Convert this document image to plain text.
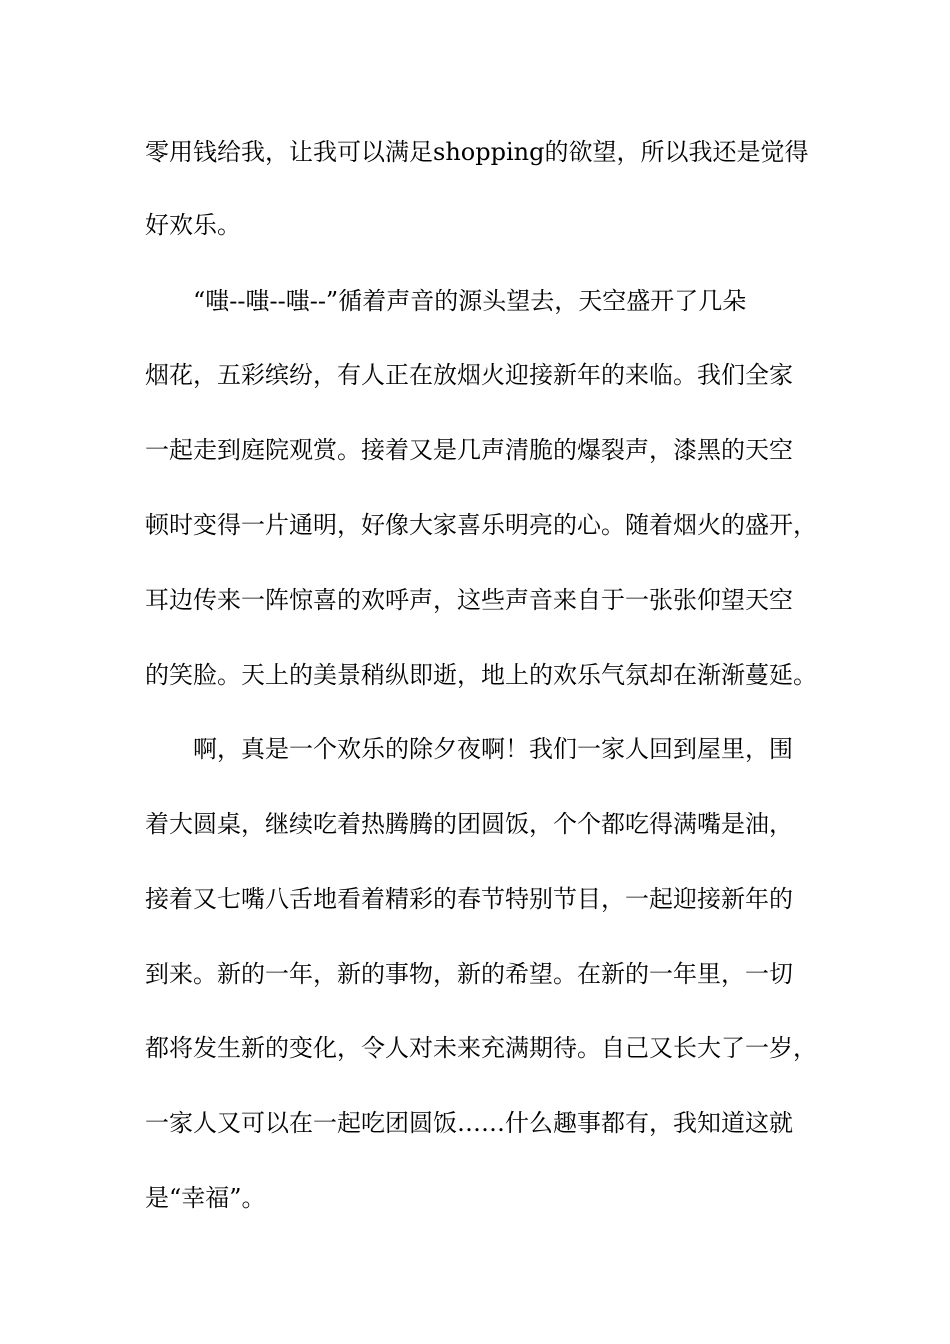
零用钱给我，让我可以满足shopping的欲望，所以我还是觉得
好欢乐。
“嗤--嗤--嗤--”循着声音的源头望去，天空盛开了几朵
烟花，五彩缤纷，有人正在放烟火迎接新年的来临。我们全家
一起走到庭院观赏。接着又是几声清脆的爆裂声，漆黑的天空
顿时变得一片通明，好像大家喜乐明亮的心。随着烟火的盛开，
耳边传来一阵惊喜的欢呼声，这些声音来自于一张张仰望天空
的笑脸。天上的美景稍纵即逝，地上的欢乐气氛却在渐渐蔓延。
啊，真是一个欢乐的除夕夜啊！我们一家人回到屋里，围
着大圆桌，继续吃着热腾腾的团圆饭，个个都吃得满嘴是油，
接着又七嘴八舌地看着精彩的春节特别节目，一起迎接新年的
到来。新的一年，新的事物，新的希望。在新的一年里，一切
都将发生新的变化，令人对未来充满期待。自己又长大了一岁，
一家人又可以在一起吃团圆饭……什么趣事都有，我知道这就
是“幸福”。
